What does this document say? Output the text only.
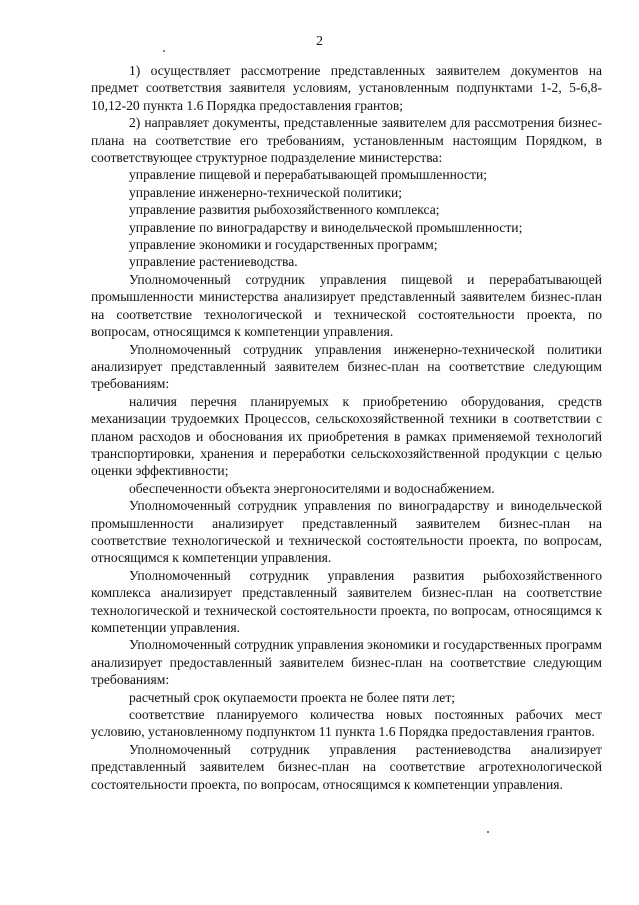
2

1) осуществляет рассмотрение представленных заявителем документов на предмет соответствия заявителя условиям, установленным подпунктами 1-2, 5-6,8-10,12-20 пункта 1.6 Порядка предоставления грантов;

2) направляет документы, представленные заявителем для рассмотрения бизнес-плана на соответствие его требованиям, установленным настоящим Порядком, в соответствующее структурное подразделение министерства:

управление пищевой и перерабатывающей промышленности;

управление инженерно-технической политики;

управление развития рыбохозяйственного комплекса;

управление по виноградарству и винодельческой промышленности;

управление экономики и государственных программ;

управление растениеводства.

Уполномоченный сотрудник управления пищевой и перерабатывающей промышленности министерства анализирует представленный заявителем бизнес-план на соответствие технологической и технической состоятельности проекта, по вопросам, относящимся к компетенции управления.

Уполномоченный сотрудник управления инженерно-технической политики анализирует представленный заявителем бизнес-план на соответствие следующим требованиям:

наличия перечня планируемых к приобретению оборудования, средств механизации трудоемких Процессов, сельскохозяйственной техники в соответствии с планом расходов и обоснования их приобретения в рамках применяемой технологий транспортировки, хранения и переработки сельскохозяйственной продукции с целью оценки эффективности;

обеспеченности объекта энергоносителями и водоснабжением.

Уполномоченный сотрудник управления по виноградарству и винодельческой промышленности анализирует представленный заявителем бизнес-план на соответствие технологической и технической состоятельности проекта, по вопросам, относящимся к компетенции управления.

Уполномоченный сотрудник управления развития рыбохозяйственного комплекса анализирует представленный заявителем бизнес-план на соответствие технологической и технической состоятельности проекта, по вопросам, относящимся к компетенции управления.

Уполномоченный сотрудник управления экономики и государственных программ анализирует предоставленный заявителем бизнес-план на соответствие следующим требованиям:

расчетный срок окупаемости проекта не более пяти лет;

соответствие планируемого количества новых постоянных рабочих мест условию, установленному подпунктом 11 пункта 1.6 Порядка предоставления грантов.

Уполномоченный сотрудник управления растениеводства анализирует представленный заявителем бизнес-план на соответствие агротехнологической состоятельности проекта, по вопросам, относящимся к компетенции управления.
